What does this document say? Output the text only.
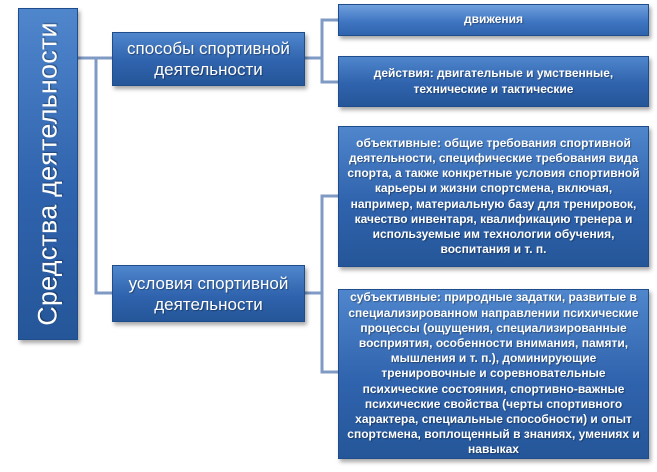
Средства деятельности	способы спортивной деятельности
условия спортивной деятельности
движения
действия: двигательные и умственные, технические и тактические
объективные: общие требования спортивной деятельности, специфические требования вида спорта, а также конкретные условия спортивной карьеры и жизни спортсмена, включая, например, материальную базу для тренировок, качество инвентаря, квалификацию тренера и используемые им технологии обучения, воспитания и т. п.
субъективные: природные задатки, развитые в специализированном направлении психические процессы (ощущения, специализированные восприятия, особенности внимания, памяти, мышления и т. п.), доминирующие тренировочные и соревновательные психические состояния, спортивно-важные психические свойства (черты спортивного характера, специальные способности) и опыт спортсмена, воплощенный в знаниях, умениях и навыках
